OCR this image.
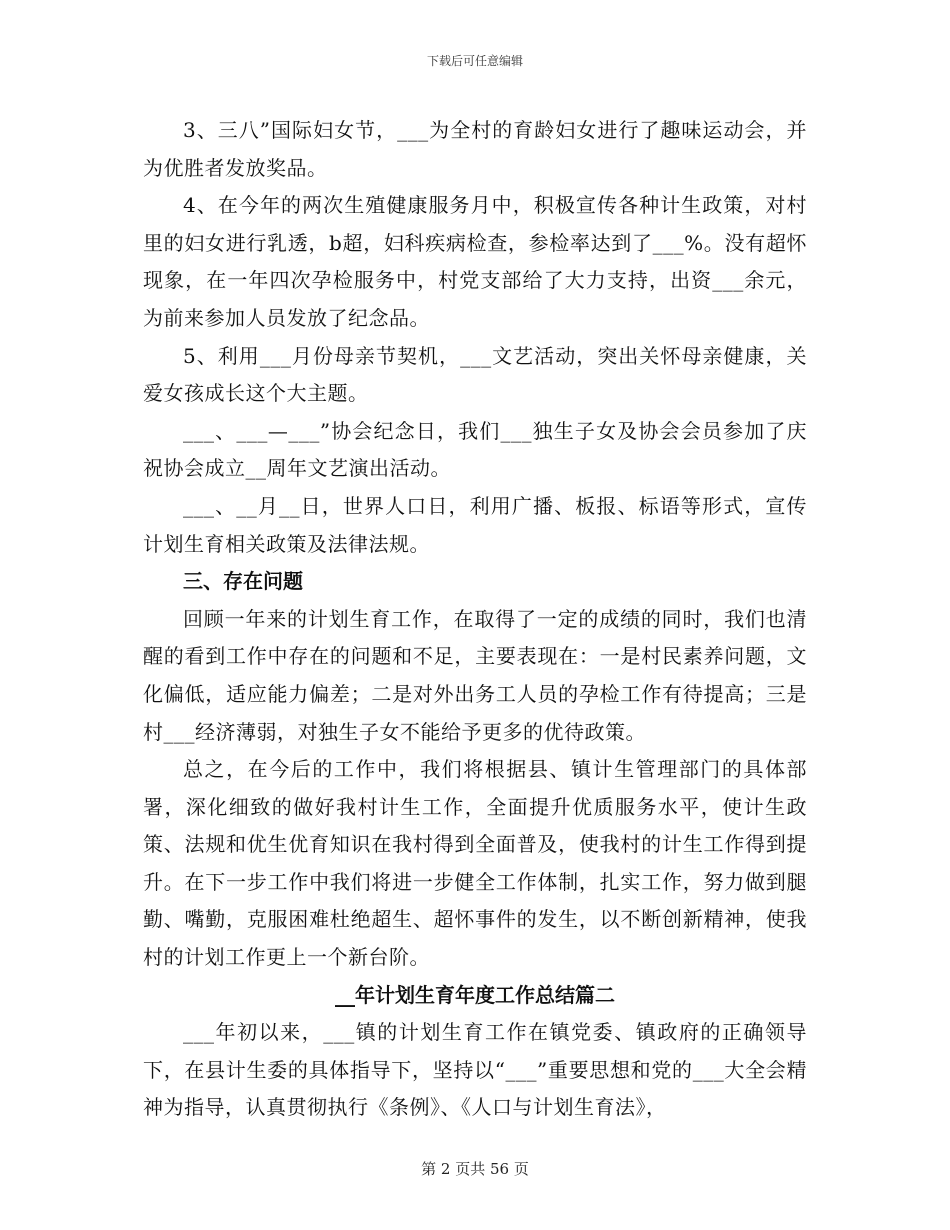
下载后可任意编辑

3、三八”国际妇女节，___为全村的育龄妇女进行了趣味运动会，并为优胜者发放奖品。

4、在今年的两次生殖健康服务月中，积极宣传各种计生政策，对村里的妇女进行乳透，b超，妇科疾病检查，参检率达到了___%。没有超怀现象，在一年四次孕检服务中，村党支部给了大力支持，出资___余元，为前来参加人员发放了纪念品。

5、利用___月份母亲节契机，___文艺活动，突出关怀母亲健康，关爱女孩成长这个大主题。

___、___—___”协会纪念日，我们___独生子女及协会会员参加了庆祝协会成立__周年文艺演出活动。

___、__月__日，世界人口日，利用广播、板报、标语等形式，宣传计划生育相关政策及法律法规。

三、存在问题

回顾一年来的计划生育工作，在取得了一定的成绩的同时，我们也清醒的看到工作中存在的问题和不足，主要表现在：一是村民素养问题，文化偏低，适应能力偏差；二是对外出务工人员的孕检工作有待提高；三是村___经济薄弱，对独生子女不能给予更多的优待政策。

总之，在今后的工作中，我们将根据县、镇计生管理部门的具体部署，深化细致的做好我村计生工作，全面提升优质服务水平，使计生政策、法规和优生优育知识在我村得到全面普及，使我村的计生工作得到提升。在下一步工作中我们将进一步健全工作体制，扎实工作，努力做到腿勤、嘴勤，克服困难杜绝超生、超怀事件的发生，以不断创新精神，使我村的计划工作更上一个新台阶。

__年计划生育年度工作总结篇二

___年初以来，___镇的计划生育工作在镇党委、镇政府的正确领导下，在县计生委的具体指导下，坚持以“___”重要思想和党的___大全会精神为指导，认真贯彻执行《条例》、《人口与计划生育法》，

第 2 页共 56 页
